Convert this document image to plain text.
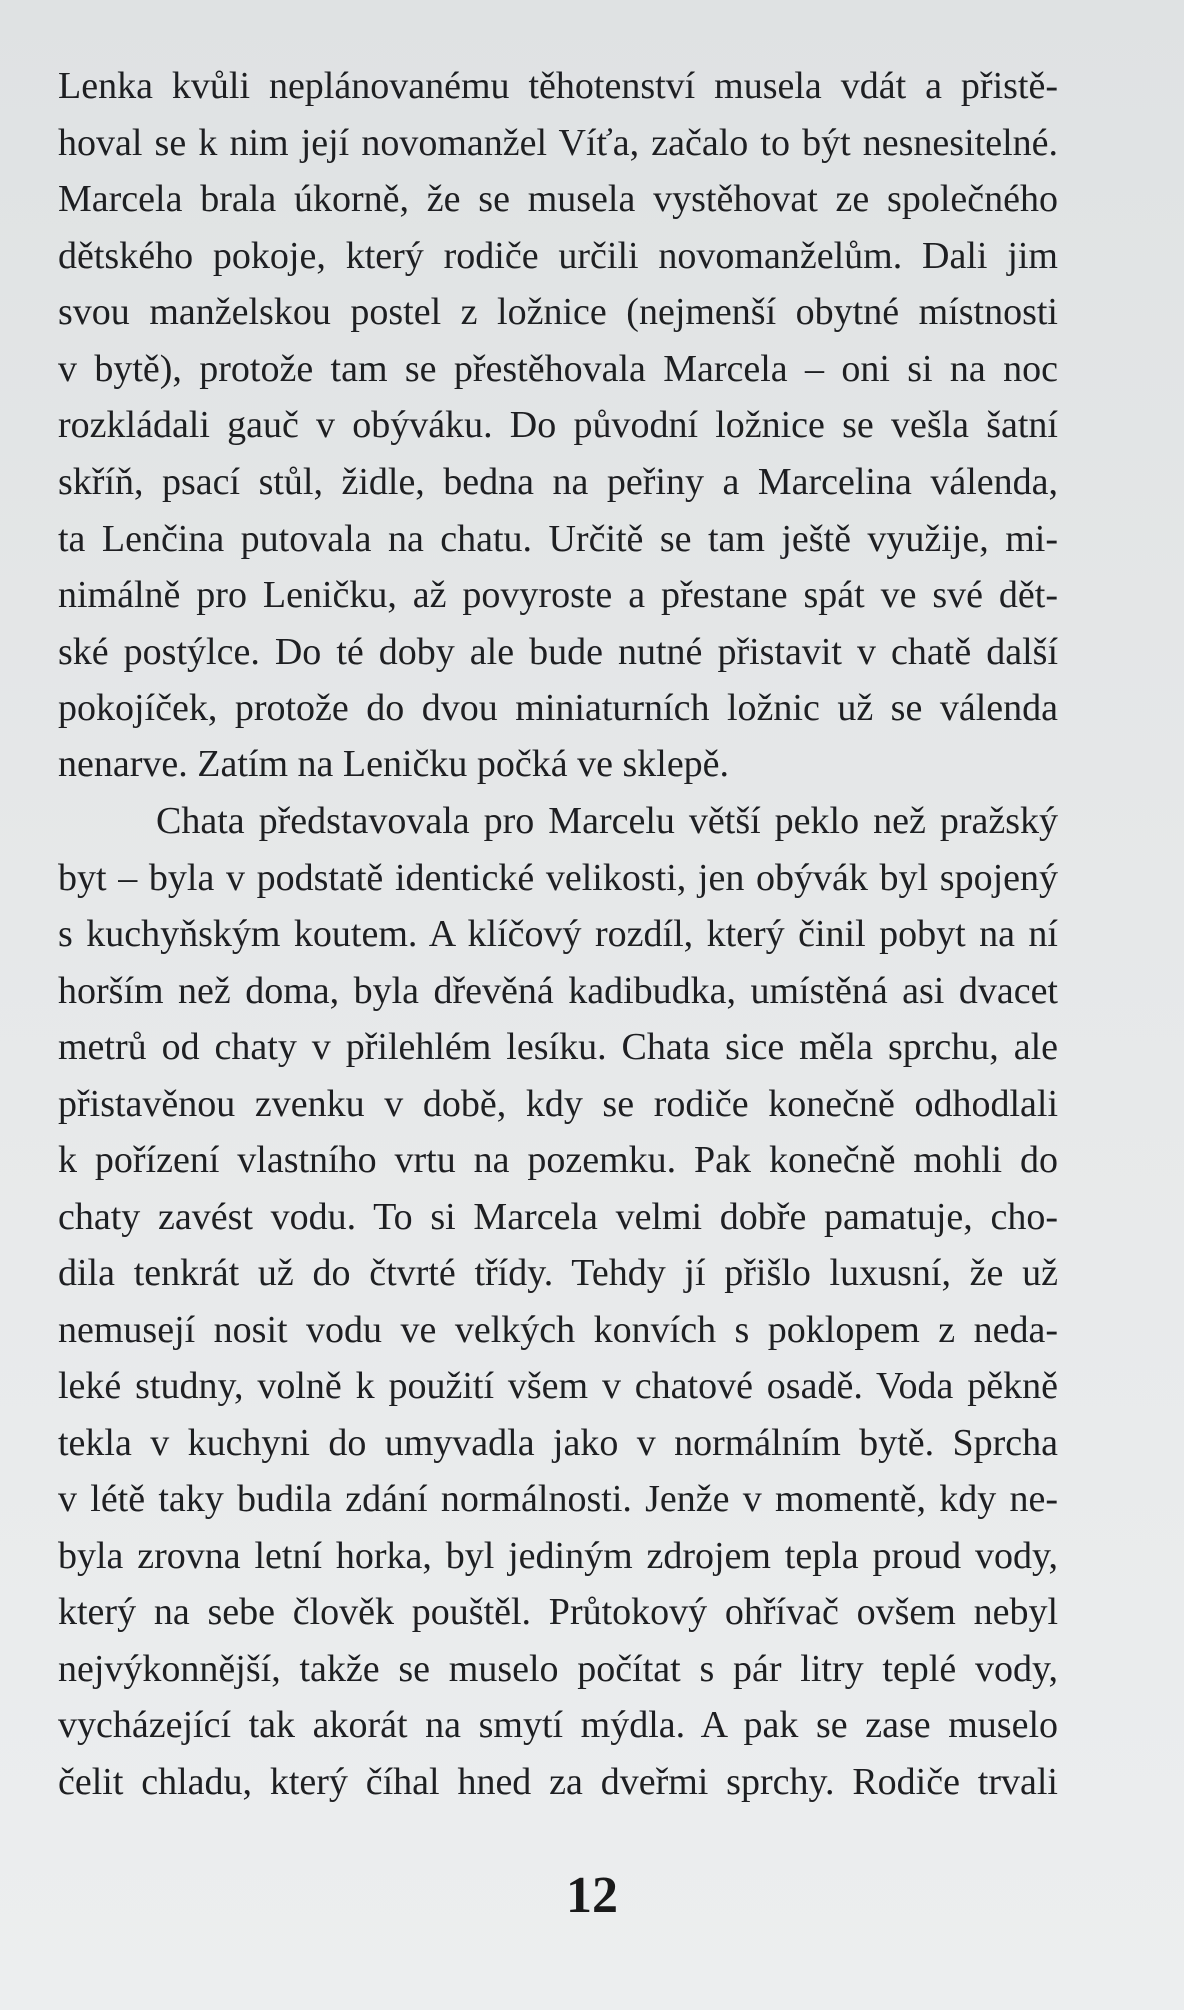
Lenka kvůli neplánovanému těhotenství musela vdát a přistě-
hoval se k nim její novomanžel Víťa, začalo to být nesnesitelné.
Marcela brala úkorně, že se musela vystěhovat ze společného
dětského pokoje, který rodiče určili novomanželům. Dali jim
svou manželskou postel z ložnice (nejmenší obytné místnosti
v bytě), protože tam se přestěhovala Marcela – oni si na noc
rozkládali gauč v obýváku. Do původní ložnice se vešla šatní
skříň, psací stůl, židle, bedna na peřiny a Marcelina válenda,
ta Lenčina putovala na chatu. Určitě se tam ještě využije, mi-
nimálně pro Leničku, až povyroste a přestane spát ve své dět-
ské postýlce. Do té doby ale bude nutné přistavit v chatě další
pokojíček, protože do dvou miniaturních ložnic už se válenda
nenarve. Zatím na Leničku počká ve sklepě.
Chata představovala pro Marcelu větší peklo než pražský
byt – byla v podstatě identické velikosti, jen obývák byl spojený
s kuchyňským koutem. A klíčový rozdíl, který činil pobyt na ní
horším než doma, byla dřevěná kadibudka, umístěná asi dvacet
metrů od chaty v přilehlém lesíku. Chata sice měla sprchu, ale
přistavěnou zvenku v době, kdy se rodiče konečně odhodlali
k pořízení vlastního vrtu na pozemku. Pak konečně mohli do
chaty zavést vodu. To si Marcela velmi dobře pamatuje, cho-
dila tenkrát už do čtvrté třídy. Tehdy jí přišlo luxusní, že už
nemusejí nosit vodu ve velkých konvích s poklopem z neda-
leké studny, volně k použití všem v chatové osadě. Voda pěkně
tekla v kuchyni do umyvadla jako v normálním bytě. Sprcha
v létě taky budila zdání normálnosti. Jenže v momentě, kdy ne-
byla zrovna letní horka, byl jediným zdrojem tepla proud vody,
který na sebe člověk pouštěl. Průtokový ohřívač ovšem nebyl
nejvýkonnější, takže se muselo počítat s pár litry teplé vody,
vycházející tak akorát na smytí mýdla. A pak se zase muselo
čelit chladu, který číhal hned za dveřmi sprchy. Rodiče trvali
12
